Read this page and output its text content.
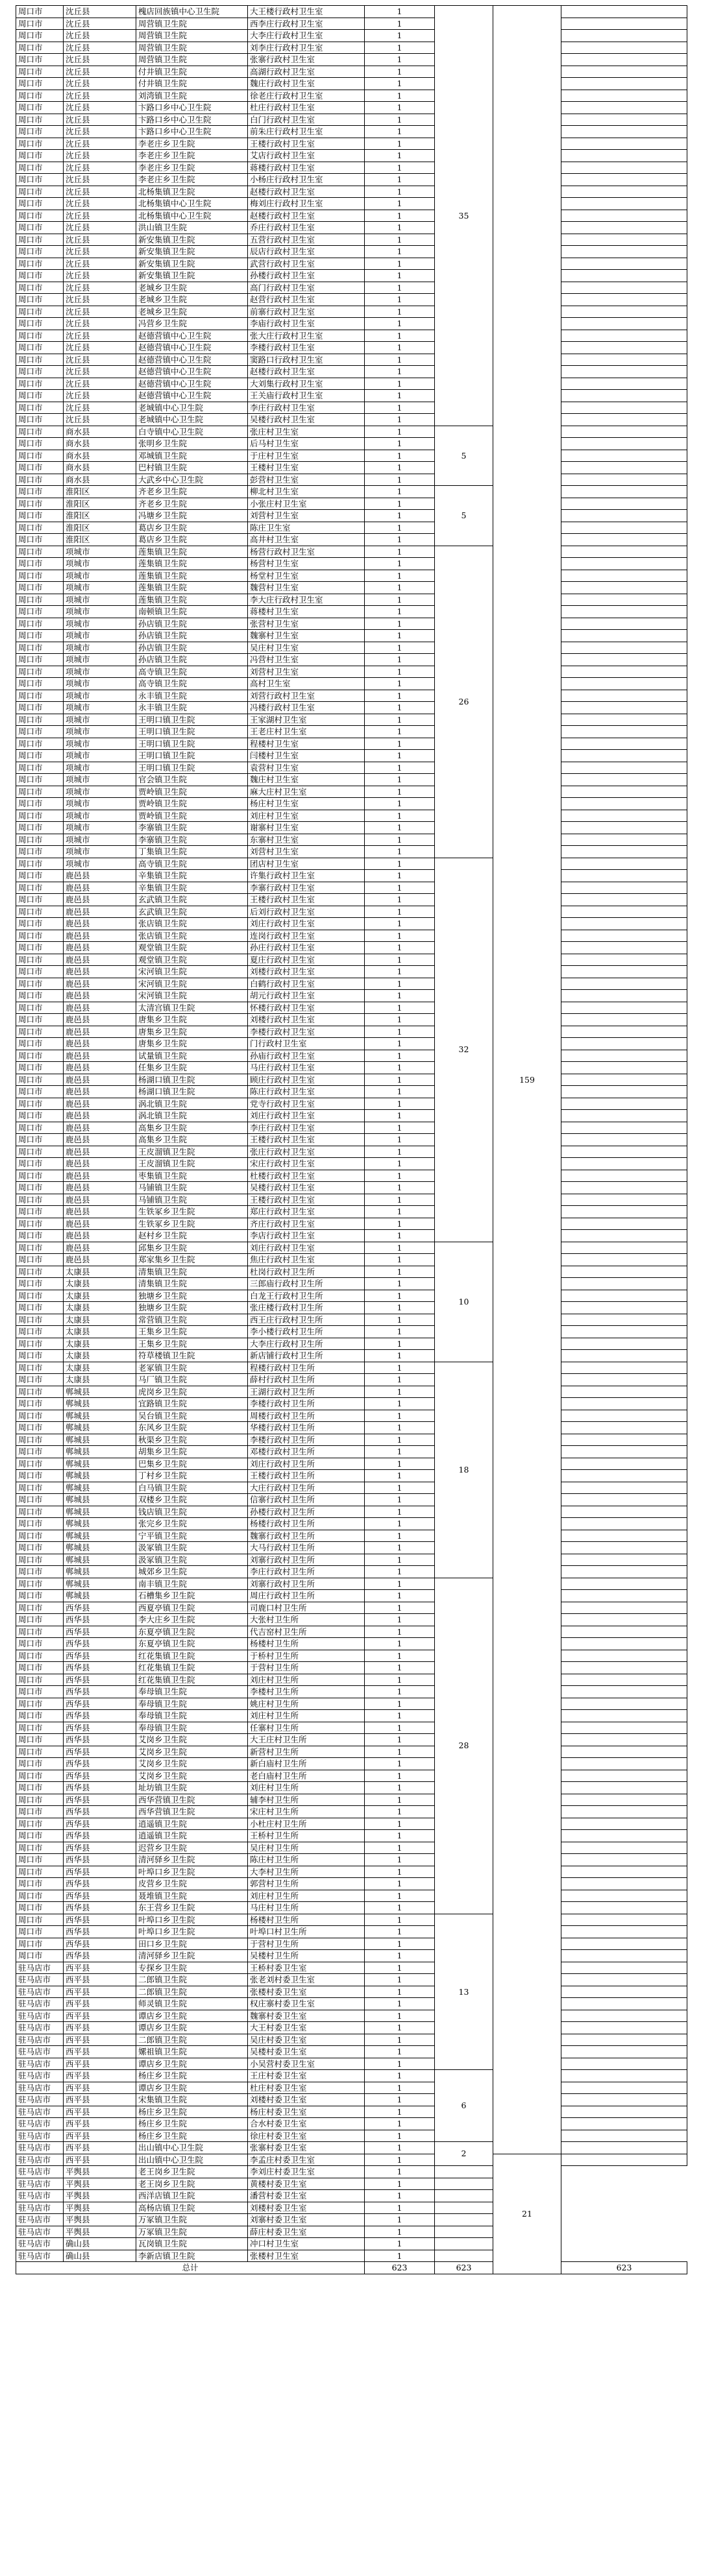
周口市	沈丘县	槐店回族镇中心卫生院	大王楼行政村卫生室	1	35	159		
周口市	沈丘县	周营镇卫生院	西李庄行政村卫生室	1				
周口市	沈丘县	周营镇卫生院	大李庄行政村卫生室	1				
周口市	沈丘县	周营镇卫生院	刘李庄行政村卫生室	1				
周口市	沈丘县	周营镇卫生院	张寨行政村卫生室	1				
周口市	沈丘县	付井镇卫生院	高湖行政村卫生室	1				
周口市	沈丘县	付井镇卫生院	魏庄行政村卫生室	1				
周口市	沈丘县	刘湾镇卫生院	徐老庄行政村卫生室	1				
周口市	沈丘县	卞路口乡中心卫生院	杜庄行政村卫生室	1				
周口市	沈丘县	卞路口乡中心卫生院	白门行政村卫生室	1				
周口市	沈丘县	卞路口乡中心卫生院	前朱庄行政村卫生室	1				
周口市	沈丘县	李老庄乡卫生院	王楼行政村卫生室	1				
周口市	沈丘县	李老庄乡卫生院	艾店行政村卫生室	1				
周口市	沈丘县	李老庄乡卫生院	蒋楼行政村卫生室	1				
周口市	沈丘县	李老庄乡卫生院	小杨庄行政村卫生室	1				
周口市	沈丘县	北杨集镇卫生院	赵楼行政村卫生室	1				
周口市	沈丘县	北杨集镇中心卫生院	梅刘庄行政村卫生室	1				
周口市	沈丘县	北杨集镇中心卫生院	赵楼行政村卫生室	1				
周口市	沈丘县	洪山镇卫生院	乔庄行政村卫生室	1				
周口市	沈丘县	新安集镇卫生院	五营行政村卫生室	1				
周口市	沈丘县	新安集镇卫生院	辰店行政村卫生室	1				
周口市	沈丘县	新安集镇卫生院	武营行政村卫生室	1				
周口市	沈丘县	新安集镇卫生院	孙楼行政村卫生室	1				
周口市	沈丘县	老城乡卫生院	高门行政村卫生室	1				
周口市	沈丘县	老城乡卫生院	赵营行政村卫生室	1				
周口市	沈丘县	老城乡卫生院	前寨行政村卫生室	1				
周口市	沈丘县	冯营乡卫生院	李庙行政村卫生室	1				
周口市	沈丘县	赵德营镇中心卫生院	张大庄行政村卫生室	1				
周口市	沈丘县	赵德营镇中心卫生院	李楼行政村卫生室	1				
周口市	沈丘县	赵德营镇中心卫生院	窦路口行政村卫生室	1				
周口市	沈丘县	赵德营镇中心卫生院	赵楼行政村卫生室	1				
周口市	沈丘县	赵德营镇中心卫生院	大刘集行政村卫生室	1				
周口市	沈丘县	赵德营镇中心卫生院	王关庙行政村卫生室	1				
周口市	沈丘县	老城镇中心卫生院	李庄行政村卫生室	1				
周口市	沈丘县	老城镇中心卫生院	吴楼行政村卫生室	1				
周口市	商水县	白寺镇中心卫生院	张庄村卫生室	1	5			
周口市	商水县	张明乡卫生院	后马村卫生室	1				
周口市	商水县	邓城镇卫生院	于庄村卫生室	1				
周口市	商水县	巴村镇卫生院	王楼村卫生室	1				
周口市	商水县	大武乡中心卫生院	彭营村卫生室	1				
周口市	淮阳区	齐老乡卫生院	柳北村卫生室	1	5			
周口市	淮阳区	齐老乡卫生院	小张庄村卫生室	1				
周口市	淮阳区	冯塘乡卫生院	刘营村卫生室	1				
周口市	淮阳区	葛店乡卫生院	陈庄卫生室	1				
周口市	淮阳区	葛店乡卫生院	高井村卫生室	1				
周口市	项城市	莲集镇卫生院	杨营行政村卫生室	1	26			
周口市	项城市	莲集镇卫生院	杨营村卫生室	1				
周口市	项城市	莲集镇卫生院	杨堂村卫生室	1				
周口市	项城市	莲集镇卫生院	魏营村卫生室	1				
周口市	项城市	莲集镇卫生院	李大庄行政村卫生室	1				
周口市	项城市	南顿镇卫生院	蒋楼村卫生室	1				
周口市	项城市	孙店镇卫生院	张营村卫生室	1				
周口市	项城市	孙店镇卫生院	魏寨村卫生室	1				
周口市	项城市	孙店镇卫生院	吴庄村卫生室	1				
周口市	项城市	孙店镇卫生院	冯营村卫生室	1				
周口市	项城市	高寺镇卫生院	刘营村卫生室	1				
周口市	项城市	高寺镇卫生院	高村卫生室	1				
周口市	项城市	永丰镇卫生院	刘营行政村卫生室	1				
周口市	项城市	永丰镇卫生院	冯楼行政村卫生室	1				
周口市	项城市	王明口镇卫生院	王家湖村卫生室	1				
周口市	项城市	王明口镇卫生院	王老庄村卫生室	1				
周口市	项城市	王明口镇卫生院	程楼村卫生室	1				
周口市	项城市	王明口镇卫生院	闫楼村卫生室	1				
周口市	项城市	王明口镇卫生院	袁营村卫生室	1				
周口市	项城市	官会镇卫生院	魏庄村卫生室	1				
周口市	项城市	贾岭镇卫生院	麻大庄村卫生室	1				
周口市	项城市	贾岭镇卫生院	杨庄村卫生室	1				
周口市	项城市	贾岭镇卫生院	刘庄村卫生室	1				
周口市	项城市	李寨镇卫生院	谢寨村卫生室	1				
周口市	项城市	李寨镇卫生院	东寨村卫生室	1				
周口市	项城市	丁集镇卫生院	刘营村卫生室	1				
周口市	项城市	高寺镇卫生院	团店村卫生室	1	32			
周口市	鹿邑县	辛集镇卫生院	许集行政村卫生室	1				
周口市	鹿邑县	辛集镇卫生院	李寨行政村卫生室	1				
周口市	鹿邑县	玄武镇卫生院	王楼行政村卫生室	1				
周口市	鹿邑县	玄武镇卫生院	后刘行政村卫生室	1				
周口市	鹿邑县	张店镇卫生院	刘庄行政村卫生室	1				
周口市	鹿邑县	张店镇卫生院	连岗行政村卫生室	1				
周口市	鹿邑县	观堂镇卫生院	孙庄行政村卫生室	1				
周口市	鹿邑县	观堂镇卫生院	夏庄行政村卫生室	1				
周口市	鹿邑县	宋河镇卫生院	刘楼行政村卫生室	1				
周口市	鹿邑县	宋河镇卫生院	白鹤行政村卫生室	1				
周口市	鹿邑县	宋河镇卫生院	胡元行政村卫生室	1				
周口市	鹿邑县	太清宫镇卫生院	怀楼行政村卫生室	1				
周口市	鹿邑县	唐集乡卫生院	刘楼行政村卫生室	1				
周口市	鹿邑县	唐集乡卫生院	李楼行政村卫生室	1				
周口市	鹿邑县	唐集乡卫生院	门行政村卫生室	1				
周口市	鹿邑县	试量镇卫生院	孙庙行政村卫生室	1				
周口市	鹿邑县	任集乡卫生院	马庄行政村卫生室	1				
周口市	鹿邑县	杨湖口镇卫生院	顾庄行政村卫生室	1				
周口市	鹿邑县	杨湖口镇卫生院	陈庄行政村卫生室	1				
周口市	鹿邑县	涡北镇卫生院	党寺行政村卫生室	1				
周口市	鹿邑县	涡北镇卫生院	刘庄行政村卫生室	1				
周口市	鹿邑县	高集乡卫生院	李庄行政村卫生室	1				
周口市	鹿邑县	高集乡卫生院	王楼行政村卫生室	1				
周口市	鹿邑县	王皮溜镇卫生院	张庄行政村卫生室	1				
周口市	鹿邑县	王皮溜镇卫生院	宋庄行政村卫生室	1				
周口市	鹿邑县	枣集镇卫生院	杜楼行政村卫生室	1				
周口市	鹿邑县	马铺镇卫生院	吴楼行政村卫生室	1				
周口市	鹿邑县	马铺镇卫生院	王楼行政村卫生室	1				
周口市	鹿邑县	生铁冢乡卫生院	郑庄行政村卫生室	1				
周口市	鹿邑县	生铁冢乡卫生院	齐庄行政村卫生室	1				
周口市	鹿邑县	赵村乡卫生院	李店行政村卫生室	1				
周口市	鹿邑县	邱集乡卫生院	刘庄行政村卫生室	1	10			
周口市	鹿邑县	郑家集乡卫生院	焦庄行政村卫生室	1				
周口市	太康县	清集镇卫生院	杜岗行政村卫生所	1				
周口市	太康县	清集镇卫生院	三郎庙行政村卫生所	1				
周口市	太康县	独塘乡卫生院	白龙王行政村卫生所	1				
周口市	太康县	独塘乡卫生院	张庄楼行政村卫生所	1				
周口市	太康县	常营镇卫生院	西王庄行政村卫生所	1				
周口市	太康县	王集乡卫生院	李小楼行政村卫生所	1				
周口市	太康县	王集乡卫生院	大李庄行政村卫生所	1				
周口市	太康县	符草楼镇卫生院	新店铺行政村卫生所	1				
周口市	太康县	老冢镇卫生院	程楼行政村卫生所	1	18			
周口市	太康县	马厂镇卫生院	薛村行政村卫生所	1				
周口市	郸城县	虎岗乡卫生院	王湖行政村卫生所	1				
周口市	郸城县	宜路镇卫生院	李楼行政村卫生所	1				
周口市	郸城县	吴台镇卫生院	周楼行政村卫生所	1				
周口市	郸城县	东风乡卫生院	华楼行政村卫生所	1				
周口市	郸城县	秋渠乡卫生院	李楼行政村卫生所	1				
周口市	郸城县	胡集乡卫生院	邓楼行政村卫生所	1				
周口市	郸城县	巴集乡卫生院	刘庄行政村卫生所	1				
周口市	郸城县	丁村乡卫生院	王楼行政村卫生所	1				
周口市	郸城县	白马镇卫生院	大庄行政村卫生所	1				
周口市	郸城县	双楼乡卫生院	信寨行政村卫生所	1				
周口市	郸城县	钱店镇卫生院	孙楼行政村卫生所	1				
周口市	郸城县	张完乡卫生院	杨楼行政村卫生所	1				
周口市	郸城县	宁平镇卫生院	魏寨行政村卫生所	1				
周口市	郸城县	汲冢镇卫生院	大马行政村卫生所	1				
周口市	郸城县	汲冢镇卫生院	刘寨行政村卫生所	1				
周口市	郸城县	城郊乡卫生院	李庄行政村卫生所	1				
周口市	郸城县	南丰镇卫生院	刘寨行政村卫生所	1	28			
周口市	郸城县	石槽集乡卫生院	周庄行政村卫生所	1				
周口市	西华县	西夏亭镇卫生院	司鹿口村卫生所	1				
周口市	西华县	李大庄乡卫生院	大张村卫生所	1				
周口市	西华县	东夏亭镇卫生院	代吉窑村卫生所	1				
周口市	西华县	东夏亭镇卫生院	杨楼村卫生所	1				
周口市	西华县	红花集镇卫生院	于桥村卫生所	1				
周口市	西华县	红花集镇卫生院	于营村卫生所	1				
周口市	西华县	红花集镇卫生院	刘庄村卫生所	1				
周口市	西华县	奉母镇卫生院	李楼村卫生所	1				
周口市	西华县	奉母镇卫生院	姚庄村卫生所	1				
周口市	西华县	奉母镇卫生院	刘庄村卫生所	1				
周口市	西华县	奉母镇卫生院	任寨村卫生所	1				
周口市	西华县	艾岗乡卫生院	大王庄村卫生所	1				
周口市	西华县	艾岗乡卫生院	新营村卫生所	1				
周口市	西华县	艾岗乡卫生院	新白庙村卫生所	1				
周口市	西华县	艾岗乡卫生院	老白庙村卫生所	1				
周口市	西华县	址坊镇卫生院	刘庄村卫生所	1				
周口市	西华县	西华营镇卫生院	辅李村卫生所	1				
周口市	西华县	西华营镇卫生院	宋庄村卫生所	1				
周口市	西华县	逍遥镇卫生院	小杜庄村卫生所	1				
周口市	西华县	逍遥镇卫生院	王桥村卫生所	1				
周口市	西华县	迟营乡卫生院	吴庄村卫生所	1				
周口市	西华县	清河驿乡卫生院	陈庄村卫生所	1				
周口市	西华县	叶埠口乡卫生院	大李村卫生所	1				
周口市	西华县	皮营乡卫生院	郭营村卫生所	1				
周口市	西华县	聂堆镇卫生院	刘庄村卫生所	1				
周口市	西华县	东王营乡卫生院	马庄村卫生所	1				
周口市	西华县	叶埠口乡卫生院	杨楼村卫生所	1	13			
周口市	西华县	叶埠口乡卫生院	叶埠口村卫生所	1				
周口市	西华县	田口乡卫生院	于营村卫生所	1				
周口市	西华县	清河驿乡卫生院	吴楼村卫生所	1				
驻马店市	西平县	专探乡卫生院	王桥村委卫生室	1				
驻马店市	西平县	二郎镇卫生院	张老刘村委卫生室	1				
驻马店市	西平县	二郎镇卫生院	张楼村委卫生室	1				
驻马店市	西平县	师灵镇卫生院	权庄寨村委卫生室	1				
驻马店市	西平县	谭店乡卫生院	魏寨村委卫生室	1				
驻马店市	西平县	谭店乡卫生院	大王村委卫生室	1				
驻马店市	西平县	二郎镇卫生院	吴庄村委卫生室	1				
驻马店市	西平县	嫘祖镇卫生院	吴楼村委卫生室	1				
驻马店市	西平县	谭店乡卫生院	小吴营村委卫生室	1				
驻马店市	西平县	杨庄乡卫生院	王庄村委卫生室	1	6			
驻马店市	西平县	谭店乡卫生院	杜庄村委卫生室	1				
驻马店市	西平县	宋集镇卫生院	刘楼村委卫生室	1				
驻马店市	西平县	杨庄乡卫生院	杨庄村委卫生室	1				
驻马店市	西平县	杨庄乡卫生院	合水村委卫生室	1				
驻马店市	西平县	杨庄乡卫生院	徐庄村委卫生室	1				
驻马店市	西平县	出山镇中心卫生院	张寨村委卫生室	1	2			
驻马店市	西平县	出山镇中心卫生院	李孟庄村委卫生室	1		21		
驻马店市	平舆县	老王岗乡卫生院	李刘庄村委卫生室	1				
驻马店市	平舆县	老王岗乡卫生院	黄楼村委卫生室	1				
驻马店市	平舆县	西洋店镇卫生院	潘营村委卫生室	1				
驻马店市	平舆县	高杨店镇卫生院	刘楼村委卫生室	1				
驻马店市	平舆县	万冢镇卫生院	刘寨村委卫生室	1				
驻马店市	平舆县	万冢镇卫生院	薛庄村委卫生室	1				
驻马店市	确山县	瓦岗镇卫生院	冲口村卫生室	1				
驻马店市	确山县	李新店镇卫生院	张楼村卫生室	1				
总计				623	623		623	
